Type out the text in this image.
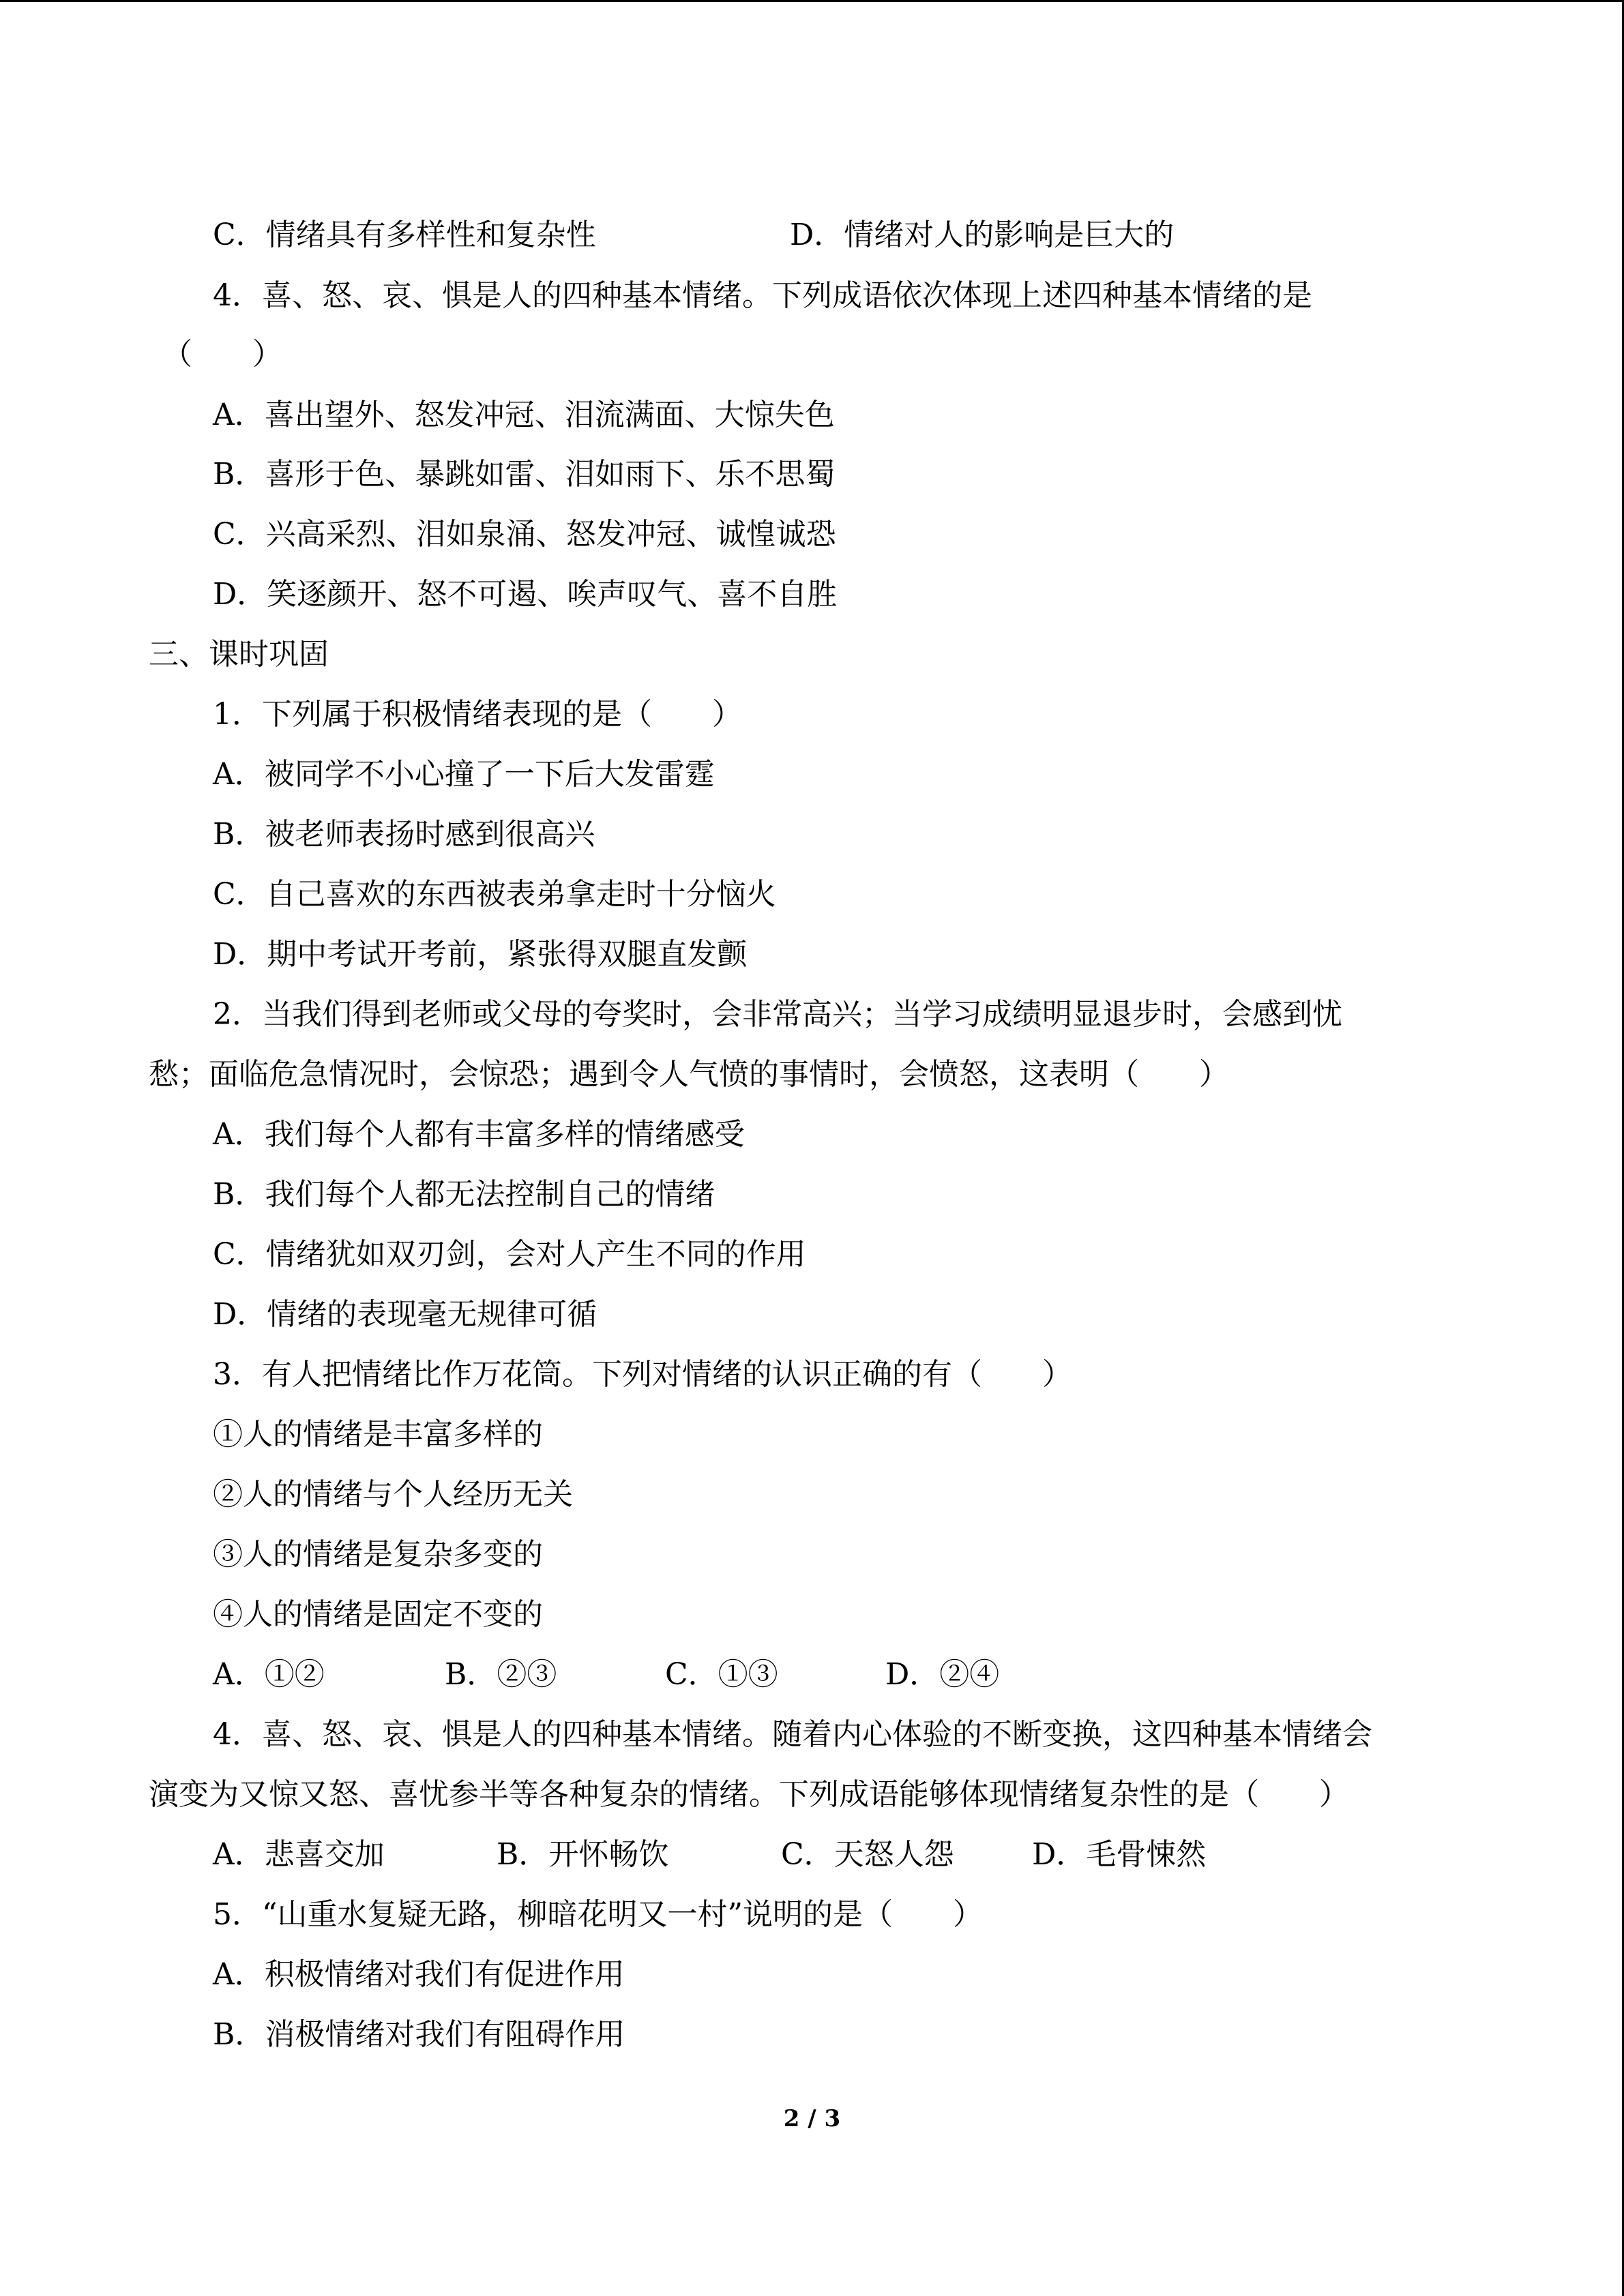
C．情绪具有多样性和复杂性	D．情绪对人的影响是巨大的
4．喜、怒、哀、惧是人的四种基本情绪。下列成语依次体现上述四种基本情绪的是
（　　）
A．喜出望外、怒发冲冠、泪流满面、大惊失色
B．喜形于色、暴跳如雷、泪如雨下、乐不思蜀
C．兴高采烈、泪如泉涌、怒发冲冠、诚惶诚恐
D．笑逐颜开、怒不可遏、唉声叹气、喜不自胜
三、课时巩固
1．下列属于积极情绪表现的是（　　）
A．被同学不小心撞了一下后大发雷霆
B．被老师表扬时感到很高兴
C．自己喜欢的东西被表弟拿走时十分恼火
D．期中考试开考前，紧张得双腿直发颤
2．当我们得到老师或父母的夸奖时，会非常高兴；当学习成绩明显退步时，会感到忧
愁；面临危急情况时，会惊恐；遇到令人气愤的事情时，会愤怒，这表明（　　）
A．我们每个人都有丰富多样的情绪感受
B．我们每个人都无法控制自己的情绪
C．情绪犹如双刃剑，会对人产生不同的作用
D．情绪的表现毫无规律可循
3．有人把情绪比作万花筒。下列对情绪的认识正确的有（　　）
①人的情绪是丰富多样的
②人的情绪与个人经历无关
③人的情绪是复杂多变的
④人的情绪是固定不变的
A．①②	B．②③	C．①③	D．②④
4．喜、怒、哀、惧是人的四种基本情绪。随着内心体验的不断变换，这四种基本情绪会
演变为又惊又怒、喜忧参半等各种复杂的情绪。下列成语能够体现情绪复杂性的是（　　）
A．悲喜交加	B．开怀畅饮	C．天怒人怨	D．毛骨悚然
5．“山重水复疑无路，柳暗花明又一村”说明的是（　　）
A．积极情绪对我们有促进作用
B．消极情绪对我们有阻碍作用
2 / 3
